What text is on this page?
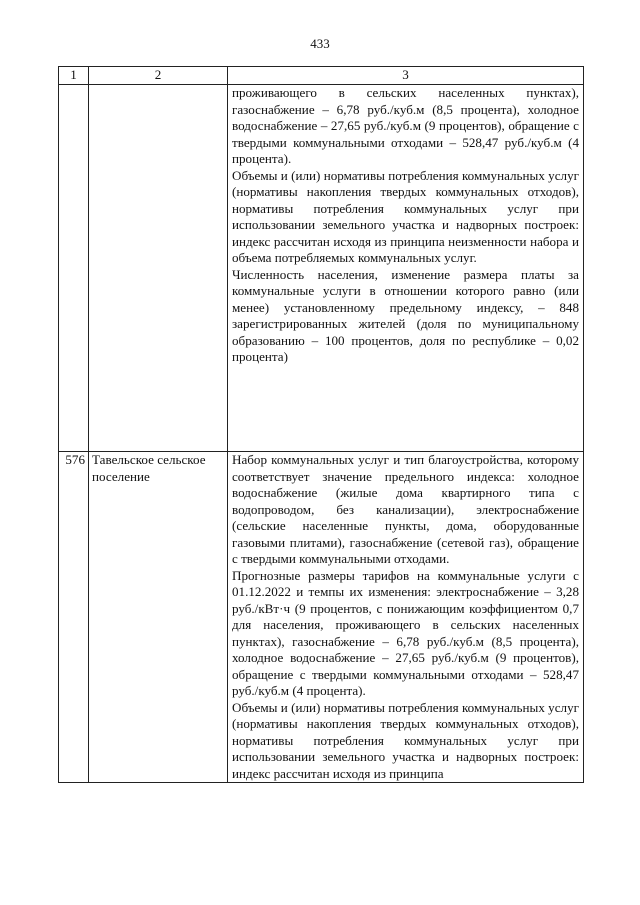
433
1	2	3

		проживающего в сельских населенных пунктах), газоснабжение – 6,78 руб./куб.м (8,5 процента), холодное водоснабжение – 27,65 руб./куб.м (9 процентов), обращение с твердыми коммунальными отходами – 528,47 руб./куб.м (4 процента).

Объемы и (или) нормативы потребления коммунальных услуг (нормативы накопления твердых коммунальных отходов), нормативы потребления коммунальных услуг при использовании земельного участка и надворных построек: индекс рассчитан исходя из принципа неизменности набора и объема потребляемых коммунальных услуг.

Численность населения, изменение размера платы за коммунальные услуги в отношении которого равно (или менее) установленному предельному индексу, – 848 зарегистрированных жителей (доля по муниципальному образованию – 100 процентов, доля по республике – 0,02 процента)

576	Тавельское сельское поселение	Набор коммунальных услуг и тип благоустройства, которому соответствует значение предельного индекса: холодное водоснабжение (жилые дома квартирного типа с водопроводом, без канализации), электроснабжение (сельские населенные пункты, дома, оборудованные газовыми плитами), газоснабжение (сетевой газ), обращение с твердыми коммунальными отходами.

Прогнозные размеры тарифов на коммунальные услуги с 01.12.2022 и темпы их изменения: электроснабжение – 3,28 руб./кВт·ч (9 процентов, с понижающим коэффициентом 0,7 для населения, проживающего в сельских населенных пунктах), газоснабжение – 6,78 руб./куб.м (8,5 процента), холодное водоснабжение – 27,65 руб./куб.м (9 процентов), обращение с твердыми коммунальными отходами – 528,47 руб./куб.м (4 процента).

Объемы и (или) нормативы потребления коммунальных услуг (нормативы накопления твердых коммунальных отходов), нормативы потребления коммунальных услуг при использовании земельного участка и надворных построек: индекс рассчитан исходя из принципа
